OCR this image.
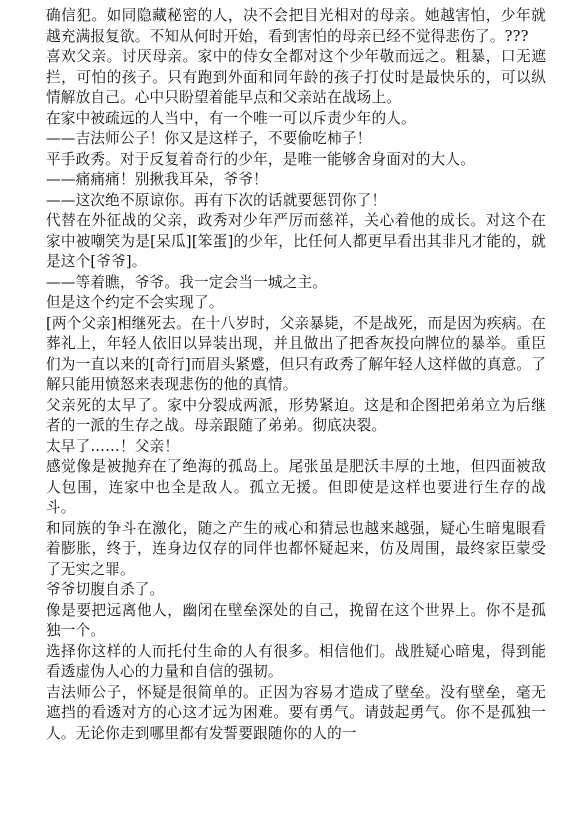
确信犯。如同隐藏秘密的人，决不会把目光相对的母亲。她越害怕，少年就越充满报复欲。不知从何时开始，看到害怕的母亲已经不觉得悲伤了。???

喜欢父亲。讨厌母亲。家中的侍女全都对这个少年敬而远之。粗暴，口无遮拦，可怕的孩子。只有跑到外面和同年龄的孩子打仗时是最快乐的，可以纵情解放自己。心中只盼望着能早点和父亲站在战场上。

在家中被疏远的人当中，有一个唯一可以斥责少年的人。

——吉法师公子！你又是这样子，不要偷吃柿子！

平手政秀。对于反复着奇行的少年，是唯一能够舍身面对的大人。

——痛痛痛！别揪我耳朵，爷爷！

——这次绝不原谅你。再有下次的话就要惩罚你了！

代替在外征战的父亲，政秀对少年严厉而慈祥，关心着他的成长。对这个在家中被嘲笑为是[呆瓜][笨蛋]的少年，比任何人都更早看出其非凡才能的，就是这个[爷爷]。

——等着瞧，爷爷。我一定会当一城之主。

但是这个约定不会实现了。

[两个父亲]相继死去。在十八岁时，父亲暴毙，不是战死，而是因为疾病。在葬礼上，年轻人依旧以异装出现，并且做出了把香灰投向牌位的暴举。重臣们为一直以来的[奇行]而眉头紧蹙，但只有政秀了解年轻人这样做的真意。了解只能用愤怒来表现悲伤的他的真情。

父亲死的太早了。家中分裂成两派，形势紧迫。这是和企图把弟弟立为后继者的一派的生存之战。母亲跟随了弟弟。彻底决裂。

太早了……！父亲！

感觉像是被抛弃在了绝海的孤岛上。尾张虽是肥沃丰厚的土地，但四面被敌人包围，连家中也全是敌人。孤立无援。但即使是这样也要进行生存的战斗。

和同族的争斗在激化，随之产生的戒心和猜忌也越来越强，疑心生暗鬼眼看着膨胀，终于，连身边仅存的同伴也都怀疑起来，仿及周围，最终家臣蒙受了无实之罪。

爷爷切腹自杀了。

像是要把远离他人，幽闭在壁垒深处的自己，挽留在这个世界上。你不是孤独一个。

选择你这样的人而托付生命的人有很多。相信他们。战胜疑心暗鬼，得到能看透虚伪人心的力量和自信的强韧。

吉法师公子，怀疑是很简单的。正因为容易才造成了壁垒。没有壁垒，毫无遮挡的看透对方的心这才远为困难。要有勇气。请鼓起勇气。你不是孤独一人。无论你走到哪里都有发誓要跟随你的人的一
